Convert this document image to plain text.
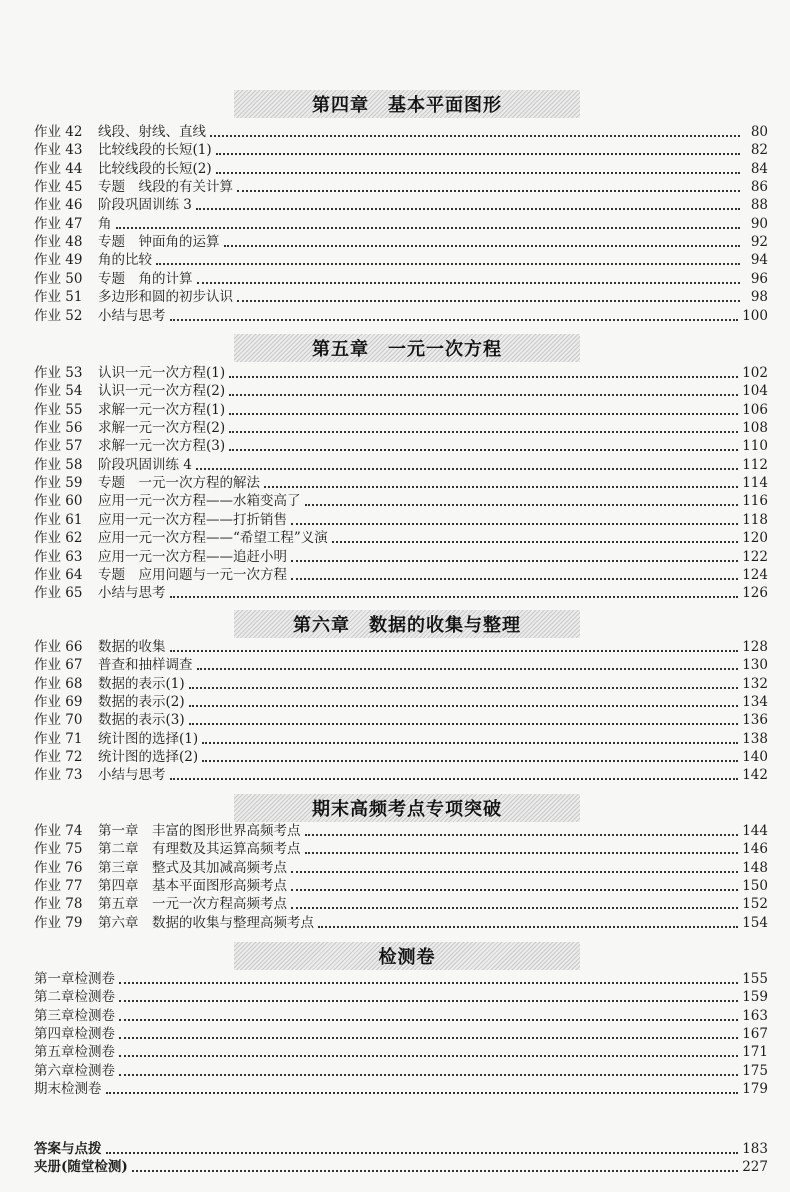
第四章　基本平面图形
作业 42	线段、射线、直线	80
作业 43	比较线段的长短(1)	82
作业 44	比较线段的长短(2)	84
作业 45	专题　线段的有关计算	86
作业 46	阶段巩固训练 3	88
作业 47	角	90
作业 48	专题　钟面角的运算	92
作业 49	角的比较	94
作业 50	专题　角的计算	96
作业 51	多边形和圆的初步认识	98
作业 52	小结与思考	100
第五章　一元一次方程
作业 53	认识一元一次方程(1)	102
作业 54	认识一元一次方程(2)	104
作业 55	求解一元一次方程(1)	106
作业 56	求解一元一次方程(2)	108
作业 57	求解一元一次方程(3)	110
作业 58	阶段巩固训练 4	112
作业 59	专题　一元一次方程的解法	114
作业 60	应用一元一次方程——水箱变高了	116
作业 61	应用一元一次方程——打折销售	118
作业 62	应用一元一次方程——“希望工程”义演	120
作业 63	应用一元一次方程——追赶小明	122
作业 64	专题　应用问题与一元一次方程	124
作业 65	小结与思考	126
第六章　数据的收集与整理
作业 66	数据的收集	128
作业 67	普查和抽样调查	130
作业 68	数据的表示(1)	132
作业 69	数据的表示(2)	134
作业 70	数据的表示(3)	136
作业 71	统计图的选择(1)	138
作业 72	统计图的选择(2)	140
作业 73	小结与思考	142
期末高频考点专项突破
作业 74	第一章　丰富的图形世界高频考点	144
作业 75	第二章　有理数及其运算高频考点	146
作业 76	第三章　整式及其加减高频考点	148
作业 77	第四章　基本平面图形高频考点	150
作业 78	第五章　一元一次方程高频考点	152
作业 79	第六章　数据的收集与整理高频考点	154
检测卷
第一章检测卷	155
第二章检测卷	159
第三章检测卷	163
第四章检测卷	167
第五章检测卷	171
第六章检测卷	175
期末检测卷	179
答案与点拨	183
夹册(随堂检测)	227
